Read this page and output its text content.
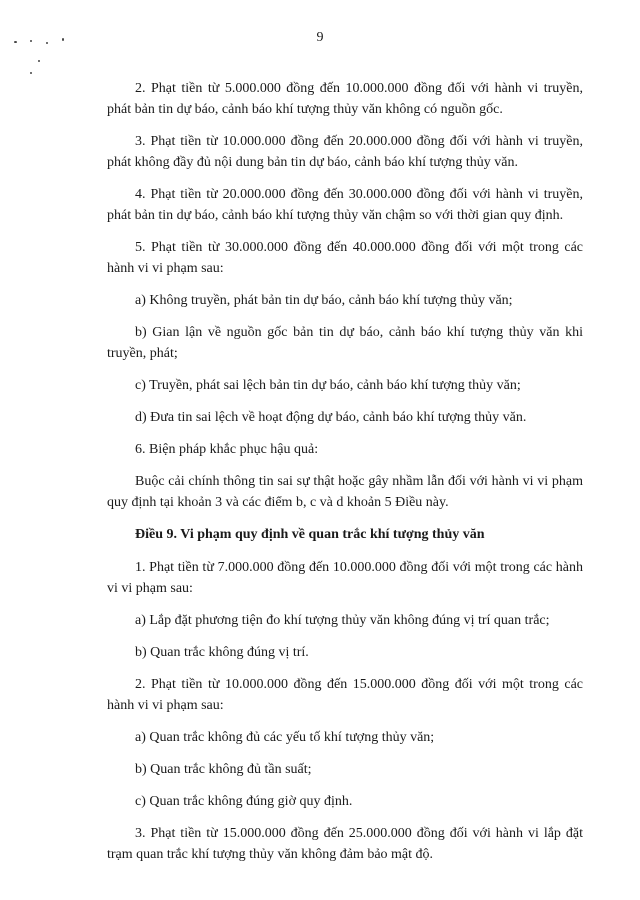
9

2. Phạt tiền từ 5.000.000 đồng đến 10.000.000 đồng đối với hành vi truyền, phát bản tin dự báo, cảnh báo khí tượng thủy văn không có nguồn gốc.

3. Phạt tiền từ 10.000.000 đồng đến 20.000.000 đồng đối với hành vi truyền, phát không đầy đủ nội dung bản tin dự báo, cảnh báo khí tượng thủy văn.

4. Phạt tiền từ 20.000.000 đồng đến 30.000.000 đồng đối với hành vi truyền, phát bản tin dự báo, cảnh báo khí tượng thủy văn chậm so với thời gian quy định.

5. Phạt tiền từ 30.000.000 đồng đến 40.000.000 đồng đối với một trong các hành vi vi phạm sau:

a) Không truyền, phát bản tin dự báo, cảnh báo khí tượng thủy văn;

b) Gian lận về nguồn gốc bản tin dự báo, cảnh báo khí tượng thủy văn khi truyền, phát;

c) Truyền, phát sai lệch bản tin dự báo, cảnh báo khí tượng thủy văn;

d) Đưa tin sai lệch về hoạt động dự báo, cảnh báo khí tượng thủy văn.

6. Biện pháp khắc phục hậu quả:

Buộc cải chính thông tin sai sự thật hoặc gây nhầm lẫn đối với hành vi vi phạm quy định tại khoản 3 và các điểm b, c và d khoản 5 Điều này.

Điều 9. Vi phạm quy định về quan trắc khí tượng thủy văn

1. Phạt tiền từ 7.000.000 đồng đến 10.000.000 đồng đối với một trong các hành vi vi phạm sau:

a) Lắp đặt phương tiện đo khí tượng thủy văn không đúng vị trí quan trắc;

b) Quan trắc không đúng vị trí.

2. Phạt tiền từ 10.000.000 đồng đến 15.000.000 đồng đối với một trong các hành vi vi phạm sau:

a) Quan trắc không đủ các yếu tố khí tượng thủy văn;

b) Quan trắc không đủ tần suất;

c) Quan trắc không đúng giờ quy định.

3. Phạt tiền từ 15.000.000 đồng đến 25.000.000 đồng đối với hành vi lắp đặt trạm quan trắc khí tượng thủy văn không đảm bảo mật độ.
